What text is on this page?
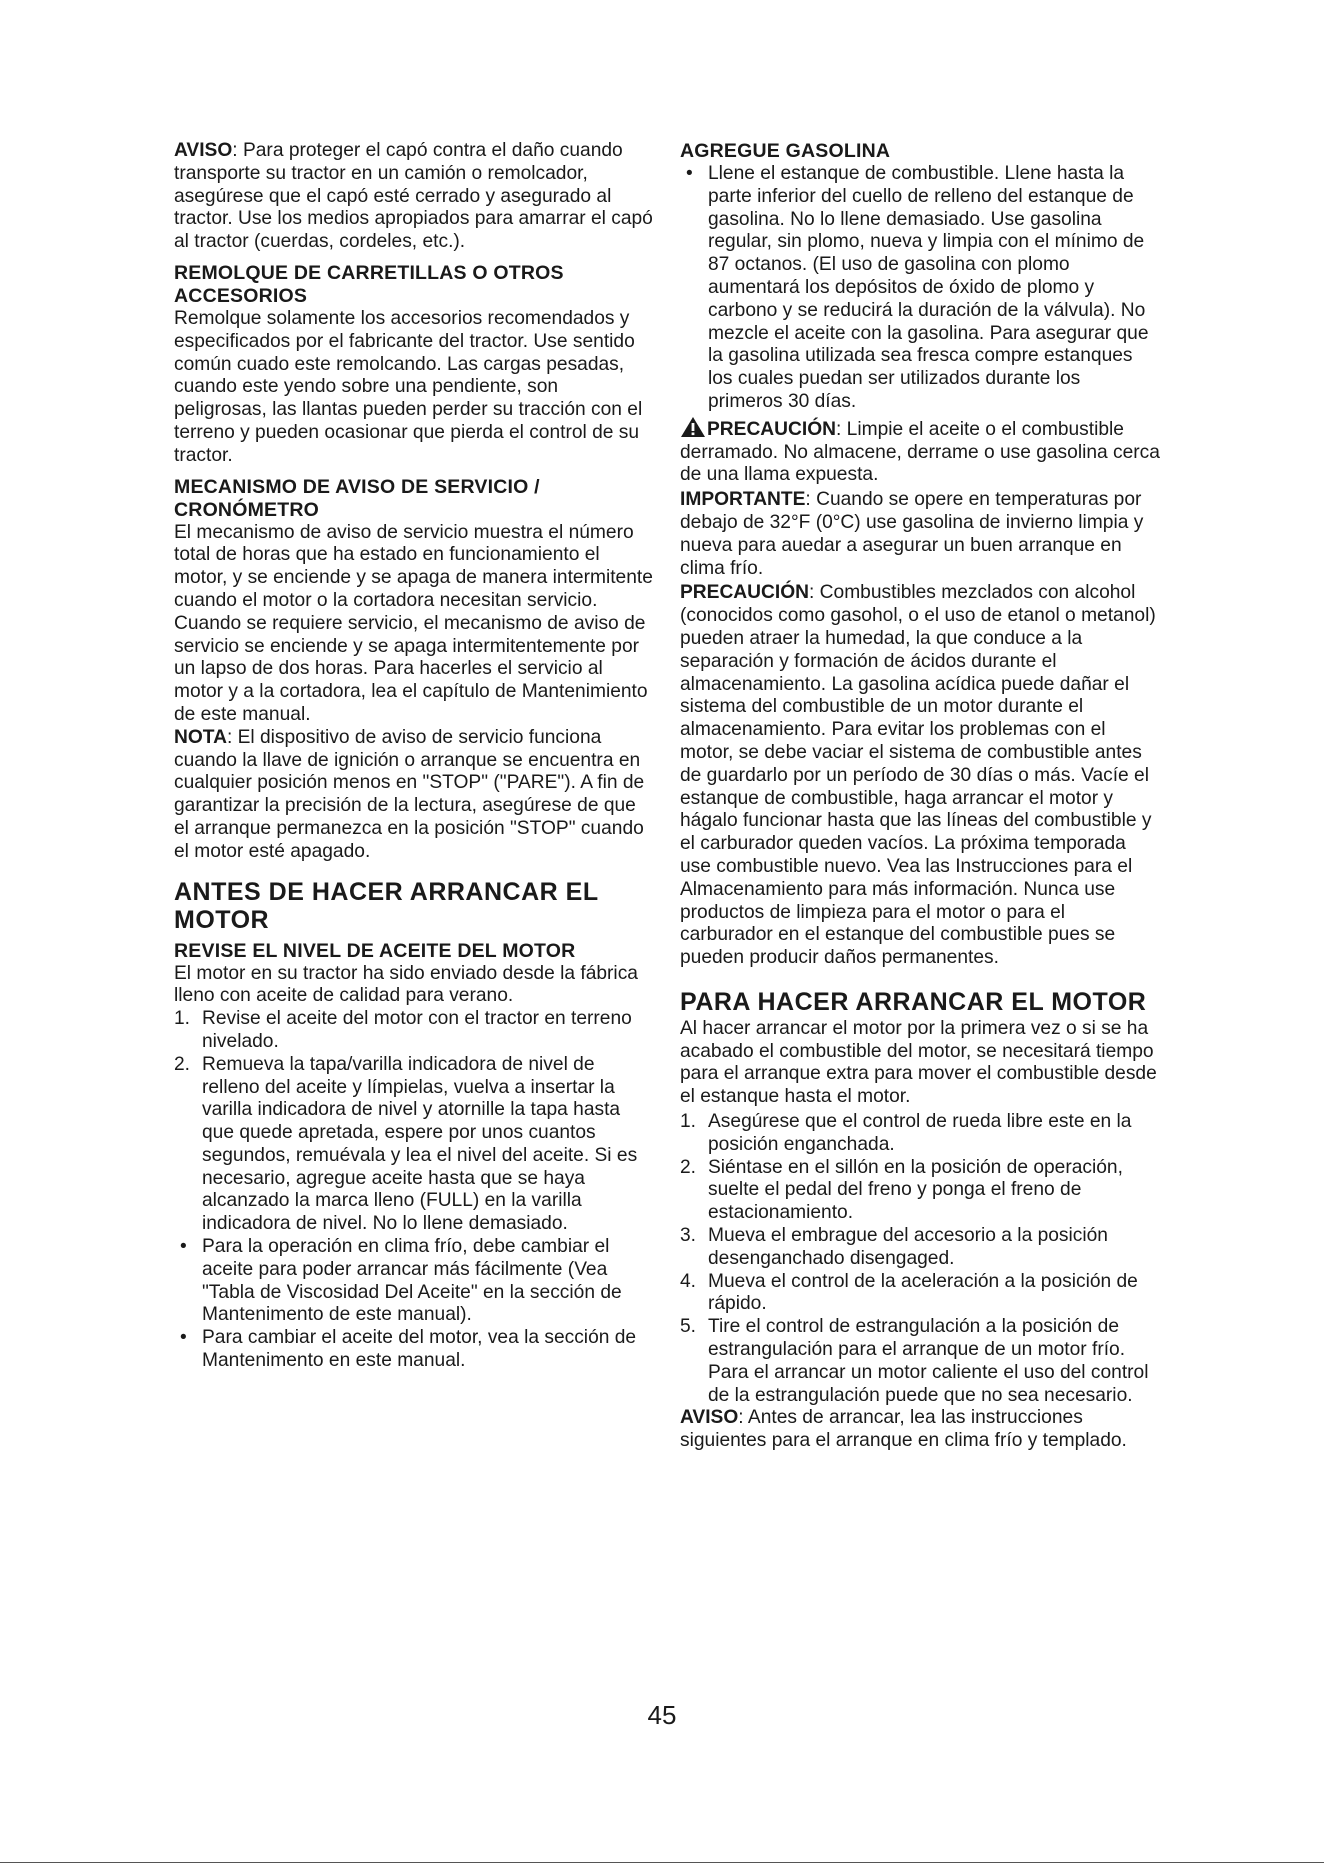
AVISO: Para proteger el capó contra el daño cuando transporte su tractor en un camión o remolcador, asegúrese que el capó esté cerrado y asegurado al tractor. Use los medios apropiados para amarrar el capó al tractor (cuerdas, cordeles, etc.).

REMOLQUE DE CARRETILLAS O OTROS ACCESORIOS

Remolque solamente los accesorios recomendados y especificados por el fabricante del tractor. Use sentido común cuado este remolcando. Las cargas pesadas, cuando este yendo sobre una pendiente, son peligrosas, las llantas pueden perder su tracción con el terreno y pueden ocasionar que pierda el control de su tractor.

MECANISMO DE AVISO DE SERVICIO / CRONÓMETRO

El mecanismo de aviso de servicio muestra el número total de horas que ha estado en funcionamiento el motor, y se enciende y se apaga de manera intermitente cuando el motor o la cortadora necesitan servicio. Cuando se requiere servicio, el mecanismo de aviso de servicio se enciende y se apaga intermitentemente por un lapso de dos horas. Para hacerles el servicio al motor y a la cortadora, lea el capítulo de Mantenimiento de este manual.

NOTA: El dispositivo de aviso de servicio funciona cuando la llave de ignición o arranque se encuentra en cualquier posición menos en "STOP" ("PARE"). A fin de garantizar la precisión de la lectura, asegúrese de que el arranque permanezca en la posición "STOP" cuando el motor esté apagado.

ANTES DE HACER ARRANCAR EL MOTOR
REVISE EL NIVEL DE ACEITE DEL MOTOR

El motor en su tractor ha sido enviado desde la fábrica lleno con aceite de calidad para verano.

1. Revise el aceite del motor con el tractor en terreno nivelado.
2. Remueva la tapa/varilla indicadora de nivel de relleno del aceite y límpielas, vuelva a insertar la varilla indicadora de nivel y atornille la tapa hasta que quede apretada, espere por unos cuantos segundos, remuévala y lea el nivel del aceite. Si es necesario, agregue aceite hasta que se haya alcanzado la marca lleno (FULL) en la varilla indicadora de nivel. No lo llene demasiado.
• Para la operación en clima frío, debe cambiar el aceite para poder arrancar más fácilmente (Vea "Tabla de Viscosidad Del Aceite" en la sección de Mantenimento de este manual).
• Para cambiar el aceite del motor, vea la sección de Mantenimento en este manual.
AGREGUE GASOLINA
• Llene el estanque de combustible. Llene hasta la parte inferior del cuello de relleno del estanque de gasolina. No lo llene demasiado. Use gasolina regular, sin plomo, nueva y limpia con el mínimo de 87 octanos. (El uso de gasolina con plomo aumentará los depósitos de óxido de plomo y carbono y se reducirá la duración de la válvula). No mezcle el aceite con la gasolina. Para asegurar que la gasolina utilizada sea fresca compre estanques los cuales puedan ser utilizados durante los primeros 30 días.

PRECAUCIÓN: Limpie el aceite o el combustible derramado. No almacene, derrame o use gasolina cerca de una llama expuesta.

IMPORTANTE: Cuando se opere en temperaturas por debajo de 32°F (0°C) use gasolina de invierno limpia y nueva para auedar a asegurar un buen arranque en clima frío.

PRECAUCIÓN: Combustibles mezclados con alcohol (conocidos como gasohol, o el uso de etanol o metanol) pueden atraer la humedad, la que conduce a la separación y formación de ácidos durante el almacenamiento. La gasolina acídica puede dañar el sistema del combustible de un motor durante el almacenamiento. Para evitar los problemas con el motor, se debe vaciar el sistema de combustible antes de guardarlo por un período de 30 días o más. Vacíe el estanque de combustible, haga arrancar el motor y hágalo funcionar hasta que las líneas del combustible y el carburador queden vacíos. La próxima temporada use combustible nuevo. Vea las Instrucciones para el Almacenamiento para más información. Nunca use productos de limpieza para el motor o para el carburador en el estanque del combustible pues se pueden producir daños permanentes.

PARA HACER ARRANCAR EL MOTOR

Al hacer arrancar el motor por la primera vez o si se ha acabado el combustible del motor, se necesitará tiempo para el arranque extra para mover el combustible desde el estanque hasta el motor.

1. Asegúrese que el control de rueda libre este en la posición enganchada.
2. Siéntase en el sillón en la posición de operación, suelte el pedal del freno y ponga el freno de estacionamiento.
3. Mueva el embrague del accesorio a la posición desenganchado disengaged.
4. Mueva el control de la aceleración a la posición de rápido.
5. Tire el control de estrangulación a la posición de estrangulación para el arranque de un motor frío. Para el arrancar un motor caliente el uso del control de la estrangulación puede que no sea necesario.

AVISO: Antes de arrancar, lea las instrucciones siguientes para el arranque en clima frío y templado.

45
